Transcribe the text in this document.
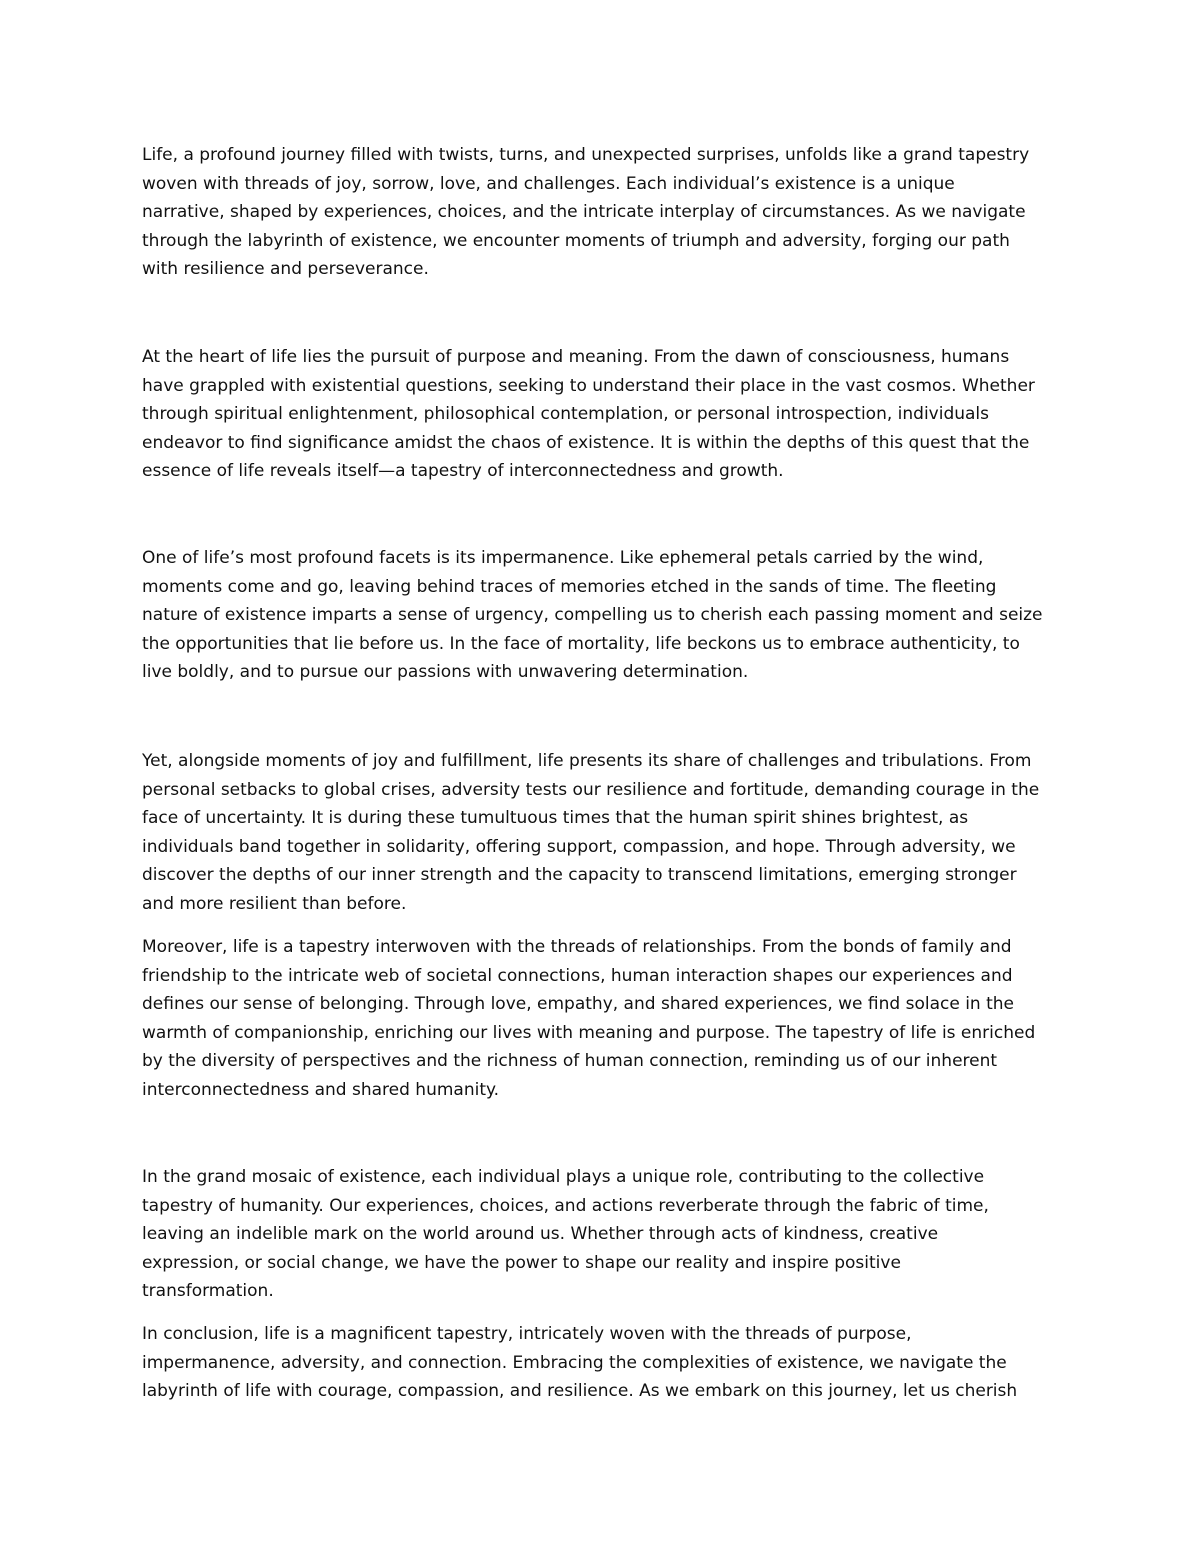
Life, a profound journey filled with twists, turns, and unexpected surprises, unfolds like a grand tapestry
woven with threads of joy, sorrow, love, and challenges. Each individual’s existence is a unique
narrative, shaped by experiences, choices, and the intricate interplay of circumstances. As we navigate
through the labyrinth of existence, we encounter moments of triumph and adversity, forging our path
with resilience and perseverance.

At the heart of life lies the pursuit of purpose and meaning. From the dawn of consciousness, humans
have grappled with existential questions, seeking to understand their place in the vast cosmos. Whether
through spiritual enlightenment, philosophical contemplation, or personal introspection, individuals
endeavor to find significance amidst the chaos of existence. It is within the depths of this quest that the
essence of life reveals itself—a tapestry of interconnectedness and growth.

One of life’s most profound facets is its impermanence. Like ephemeral petals carried by the wind,
moments come and go, leaving behind traces of memories etched in the sands of time. The fleeting
nature of existence imparts a sense of urgency, compelling us to cherish each passing moment and seize
the opportunities that lie before us. In the face of mortality, life beckons us to embrace authenticity, to
live boldly, and to pursue our passions with unwavering determination.

Yet, alongside moments of joy and fulfillment, life presents its share of challenges and tribulations. From
personal setbacks to global crises, adversity tests our resilience and fortitude, demanding courage in the
face of uncertainty. It is during these tumultuous times that the human spirit shines brightest, as
individuals band together in solidarity, offering support, compassion, and hope. Through adversity, we
discover the depths of our inner strength and the capacity to transcend limitations, emerging stronger
and more resilient than before.

Moreover, life is a tapestry interwoven with the threads of relationships. From the bonds of family and
friendship to the intricate web of societal connections, human interaction shapes our experiences and
defines our sense of belonging. Through love, empathy, and shared experiences, we find solace in the
warmth of companionship, enriching our lives with meaning and purpose. The tapestry of life is enriched
by the diversity of perspectives and the richness of human connection, reminding us of our inherent
interconnectedness and shared humanity.

In the grand mosaic of existence, each individual plays a unique role, contributing to the collective
tapestry of humanity. Our experiences, choices, and actions reverberate through the fabric of time,
leaving an indelible mark on the world around us. Whether through acts of kindness, creative
expression, or social change, we have the power to shape our reality and inspire positive
transformation.

In conclusion, life is a magnificent tapestry, intricately woven with the threads of purpose,
impermanence, adversity, and connection. Embracing the complexities of existence, we navigate the
labyrinth of life with courage, compassion, and resilience. As we embark on this journey, let us cherish
